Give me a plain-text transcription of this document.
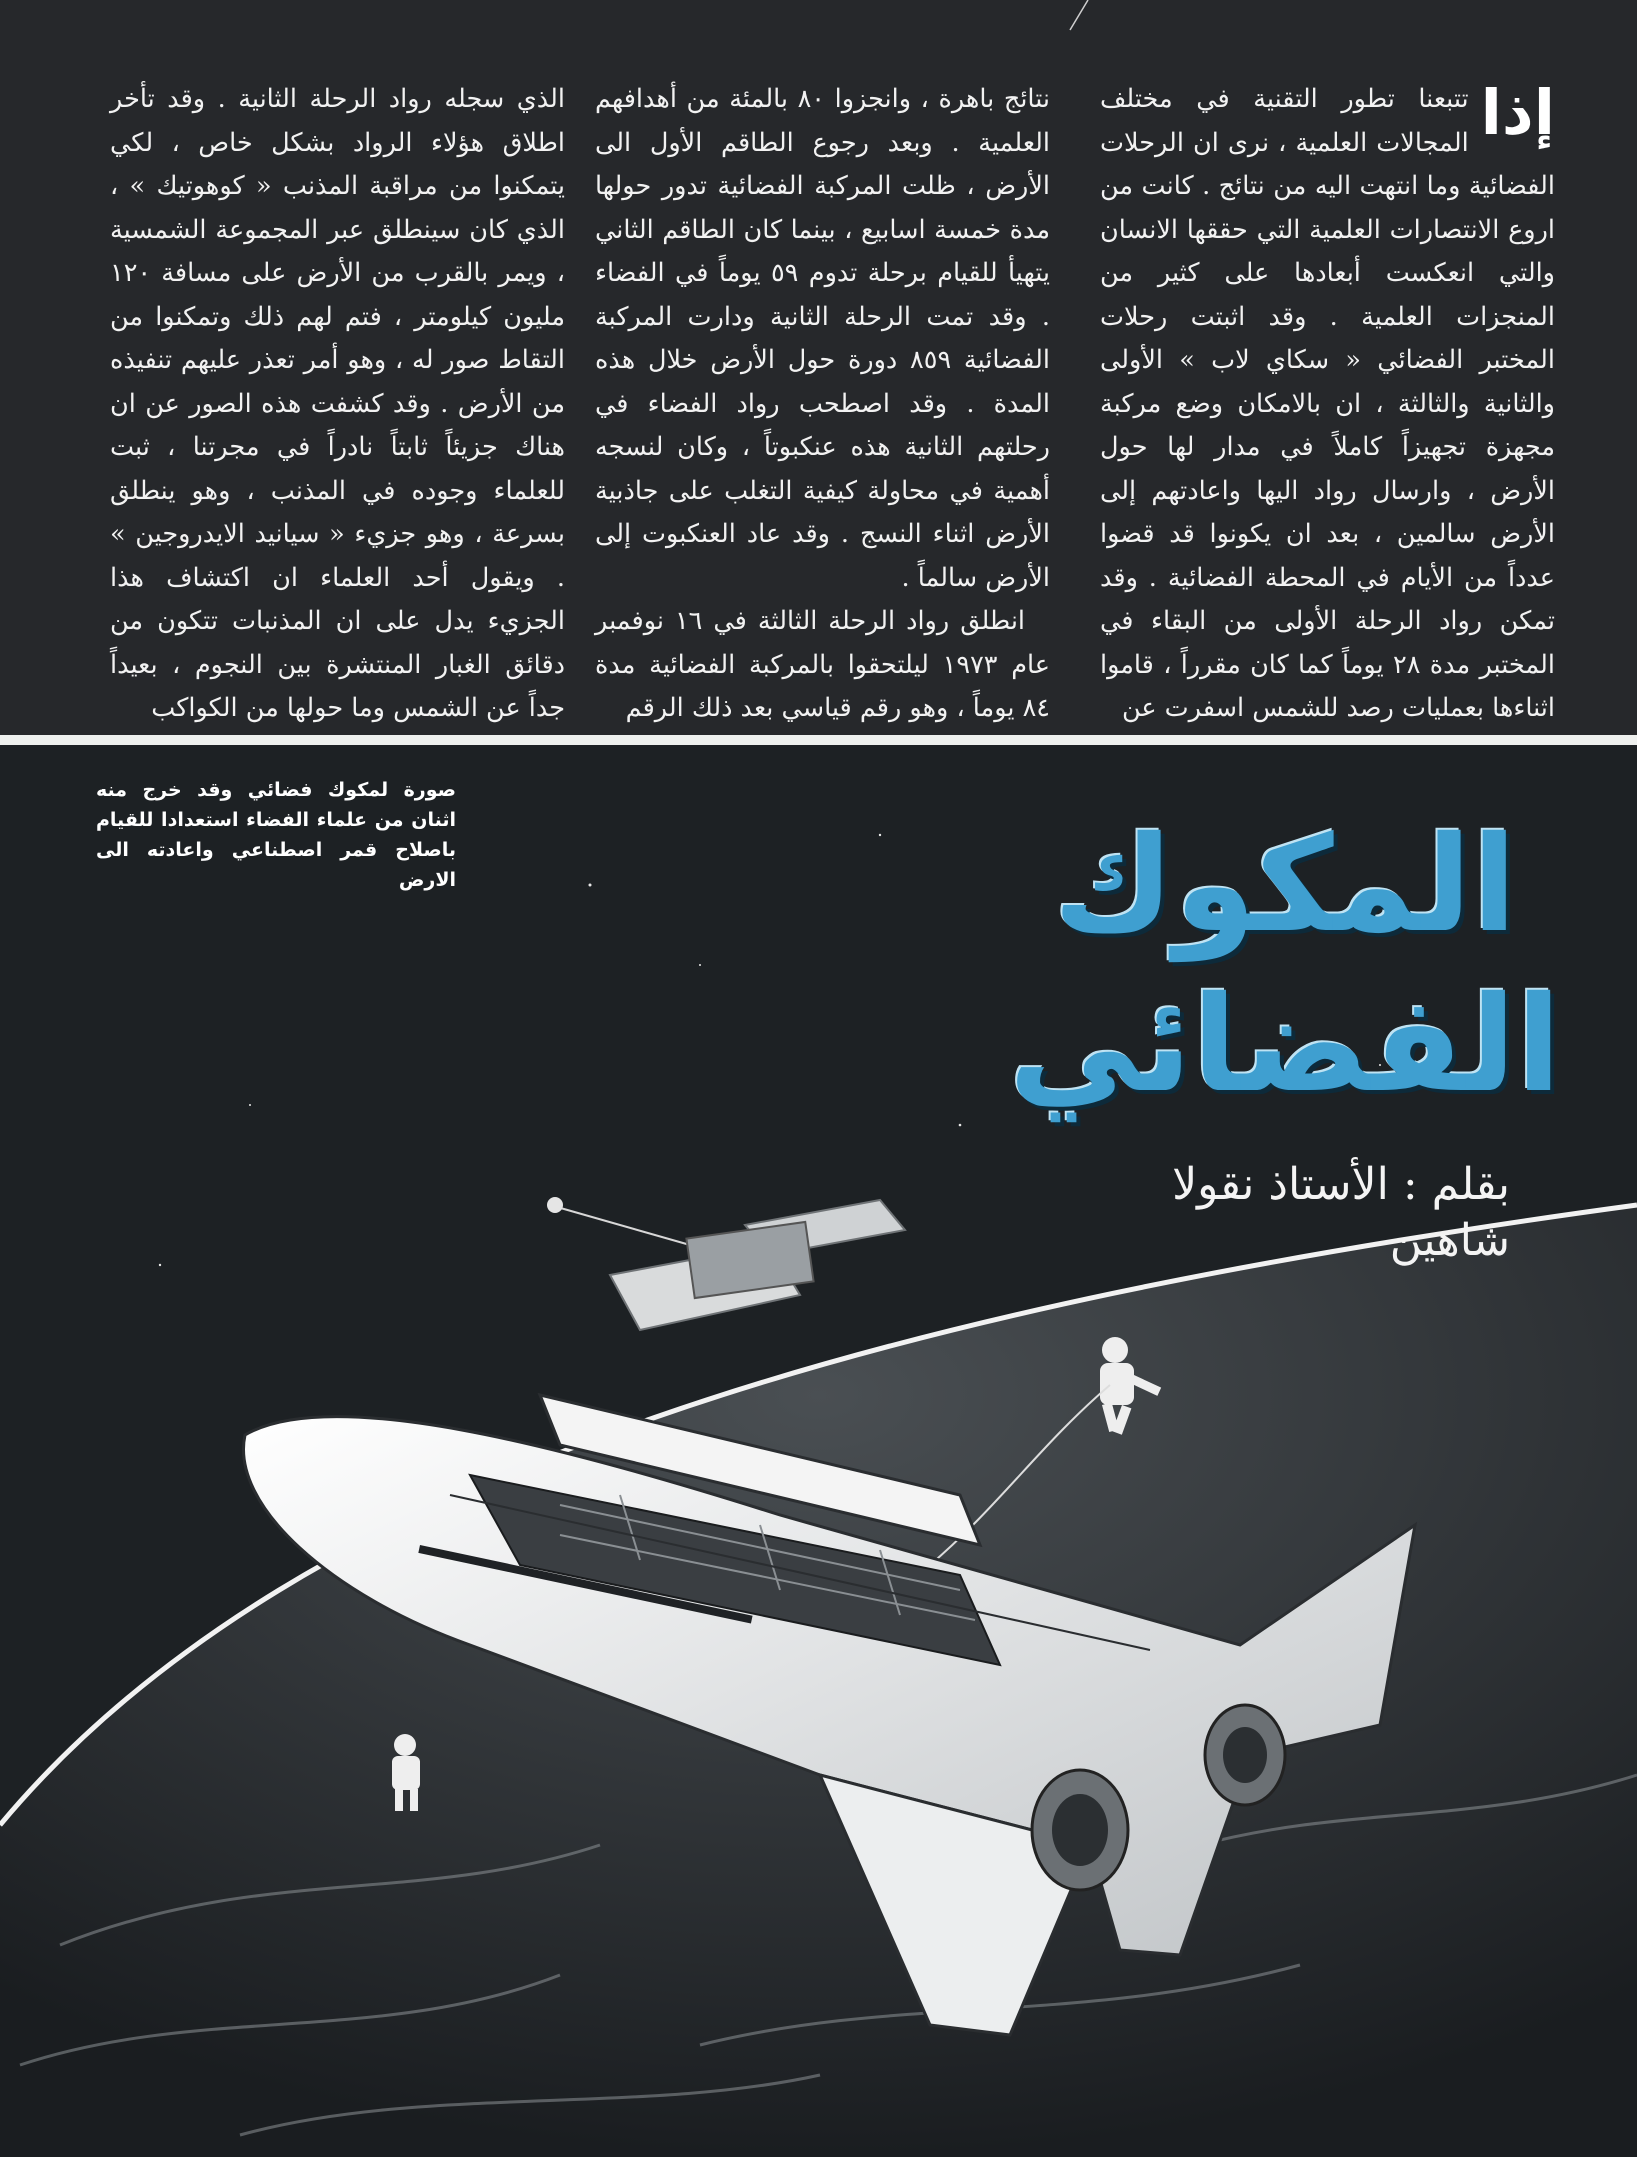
إذا
تتبعنا تطور التقنية في مختلف المجالات العلمية ، نرى ان الرحلات الفضائية وما انتهت اليه من نتائج . كانت من اروع الانتصارات العلمية التي حققها الانسان والتي انعكست أبعادها على كثير من المنجزات العلمية . وقد اثبتت رحلات المختبر الفضائي « سكاي لاب » الأولى والثانية والثالثة ، ان بالامكان وضع مركبة مجهزة تجهيزاً كاملاً في مدار لها حول الأرض ، وارسال رواد اليها واعادتهم إلى الأرض سالمين ، بعد ان يكونوا قد قضوا عدداً من الأيام في المحطة الفضائية . وقد تمكن رواد الرحلة الأولى من البقاء في المختبر مدة ٢٨ يوماً كما كان مقرراً ، قاموا اثناءها بعمليات رصد للشمس اسفرت عن

نتائج باهرة ، وانجزوا ٨٠ بالمئة من أهدافهم العلمية . وبعد رجوع الطاقم الأول الى الأرض ، ظلت المركبة الفضائية تدور حولها مدة خمسة اسابيع ، بينما كان الطاقم الثاني يتهيأ للقيام برحلة تدوم ٥٩ يوماً في الفضاء . وقد تمت الرحلة الثانية ودارت المركبة الفضائية ٨٥٩ دورة حول الأرض خلال هذه المدة . وقد اصطحب رواد الفضاء في رحلتهم الثانية هذه عنكبوتاً ، وكان لنسجه أهمية في محاولة كيفية التغلب على جاذبية الأرض اثناء النسج . وقد عاد العنكبوت إلى الأرض سالماً .

انطلق رواد الرحلة الثالثة في ١٦ نوفمبر عام ١٩٧٣ ليلتحقوا بالمركبة الفضائية مدة ٨٤ يوماً ، وهو رقم قياسي بعد ذلك الرقم

الذي سجله رواد الرحلة الثانية . وقد تأخر اطلاق هؤلاء الرواد بشكل خاص ، لكي يتمكنوا من مراقبة المذنب « كوهوتيك » ، الذي كان سينطلق عبر المجموعة الشمسية ، ويمر بالقرب من الأرض على مسافة ١٢٠ مليون كيلومتر ، فتم لهم ذلك وتمكنوا من التقاط صور له ، وهو أمر تعذر عليهم تنفيذه من الأرض . وقد كشفت هذه الصور عن ان هناك جزيئاً ثابتاً نادراً في مجرتنا ، ثبت للعلماء وجوده في المذنب ، وهو ينطلق بسرعة ، وهو جزيء « سيانيد الايدروجين » . ويقول أحد العلماء ان اكتشاف هذا الجزيء يدل على ان المذنبات تتكون من دقائق الغبار المنتشرة بين النجوم ، بعيداً جداً عن الشمس وما حولها من الكواكب

صورة لمكوك فضائي وقد خرج منه اثنان من علماء الفضاء استعدادا للقيام باصلاح قمر اصطناعي واعادته الى الارض	المكوك
الفضائي

بقلم : الأستاذ نقولا شاهين
